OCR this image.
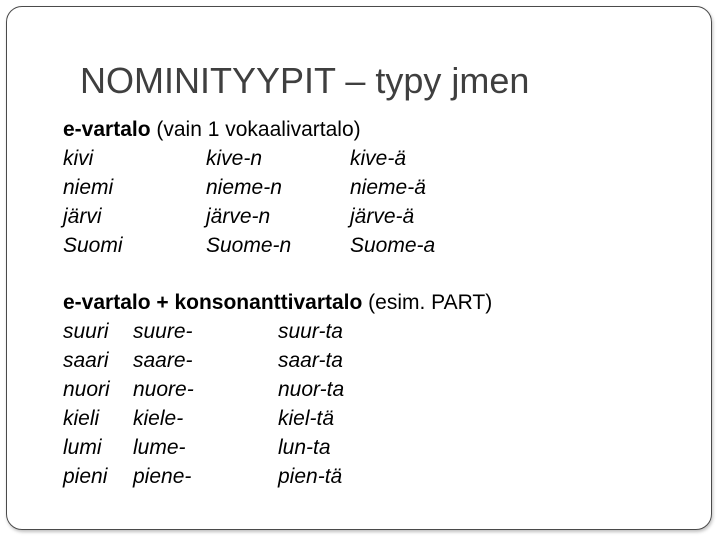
NOMINITYYPIT – typy jmen
e-vartalo (vain 1 vokaalivartalo)
kivi	kive-n	kive-ä
niemi	nieme-n	nieme-ä
järvi	järve-n	järve-ä
Suomi	Suome-n	Suome-a
e-vartalo + konsonanttivartalo (esim. PART)
suuri suure-	suur-ta
saari saare-	saar-ta
nuori nuore-	nuor-ta
kieli kiele-	kiel-tä
lumi lume-	lun-ta
pieni piene-	pien-tä
